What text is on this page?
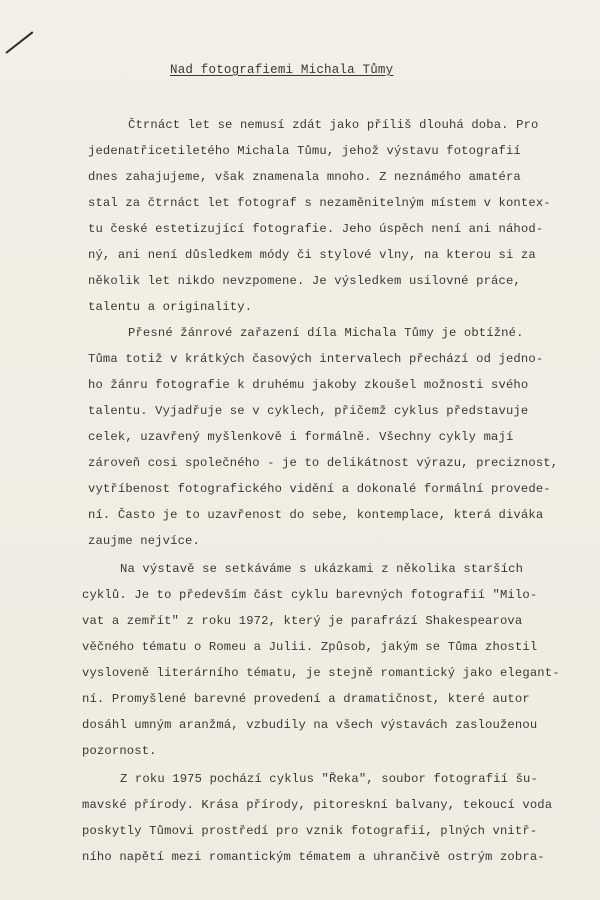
Nad fotografiemi Michala Tůmy
Čtrnáct let se nemusí zdát jako příliš dlouhá doba. Pro
jedenatřicetiletého Michala Tůmu, jehož výstavu fotografií
dnes zahajujeme, však znamenala mnoho. Z neznámého amatéra
stal za čtrnáct let fotograf s nezaměnitelným místem v kontex-
tu české estetizující fotografie. Jeho úspěch není ani náhod-
ný, ani není důsledkem módy či stylové vlny, na kterou si za
několik let nikdo nevzpomene. Je výsledkem usilovné práce,
talentu a originality.
Přesné žánrové zařazení díla Michala Tůmy je obtížné.
Tůma totiž v krátkých časových intervalech přechází od jedno-
ho žánru fotografie k druhému jakoby zkoušel možnosti svého
talentu. Vyjadřuje se v cyklech, přičemž cyklus představuje
celek, uzavřený myšlenkově i formálně. Všechny cykly mají
zároveň cosi společného - je to delikátnost výrazu, preciznost,
vytříbenost fotografického vidění a dokonalé formální provede-
ní. Často je to uzavřenost do sebe, kontemplace, která diváka
zaujme nejvíce.
Na výstavě se setkáváme s ukázkami z několika starších
cyklů. Je to především část cyklu barevných fotografií "Milo-
vat a zemřít" z roku 1972, který je parafrází Shakespearova
věčného tématu o Romeu a Julii. Způsob, jakým se Tůma zhostil
vysloveně literárního tématu, je stejně romantický jako elegant-
ní. Promyšlené barevné provedení a dramatičnost, které autor
dosáhl umným aranžmá, vzbudily na všech výstavách zaslouženou
pozornost.
Z roku 1975 pochází cyklus "Řeka", soubor fotografií šu-
mavské přírody. Krása přírody, pitoreskní balvany, tekoucí voda
poskytly Tůmovi prostředí pro vznik fotografií, plných vnitř-
ního napětí mezi romantickým tématem a uhrančivě ostrým zobra-
